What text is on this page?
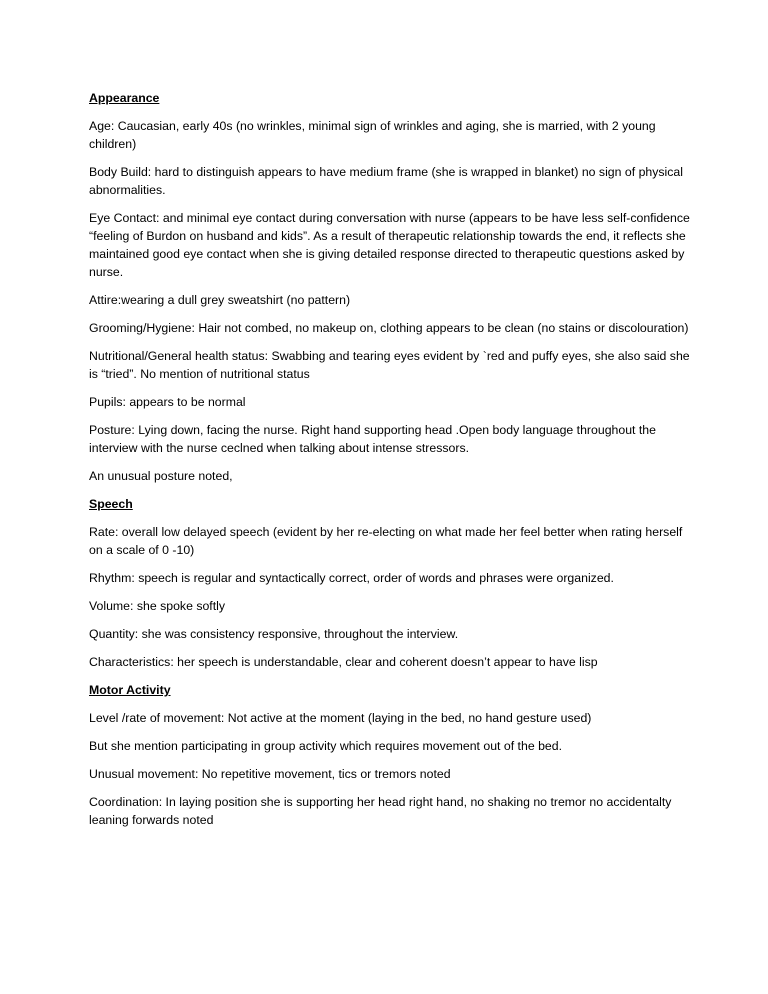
Appearance

Age: Caucasian, early 40s (no wrinkles, minimal sign of wrinkles and aging, she is married, with 2 young children)

Body Build: hard to distinguish appears to have medium frame (she is wrapped in blanket) no sign of physical abnormalities.

Eye Contact: and minimal eye contact during conversation with nurse (appears to be have less self-confidence “feeling of Burdon on husband and kids”. As a result of therapeutic relationship towards the end, it reflects she maintained good eye contact when she is giving detailed response directed to therapeutic questions asked by nurse.

Attire:wearing a dull grey sweatshirt (no pattern)

Grooming/Hygiene: Hair not combed, no makeup on, clothing appears to be clean (no stains or discolouration)

Nutritional/General health status: Swabbing and tearing eyes evident by `red and puffy eyes, she also said she is “tried”. No mention of nutritional status

Pupils: appears to be normal

Posture: Lying down, facing the nurse. Right hand supporting head .Open body language throughout the interview with the nurse ceclned when talking about intense stressors.

An unusual posture noted,

Speech

Rate: overall low delayed speech (evident by her re-electing on what made her feel better when rating herself on a scale of 0 -10)

Rhythm: speech is regular and syntactically correct, order of words and phrases were organized.

Volume: she spoke softly

Quantity: she was consistency responsive, throughout the interview.

Characteristics: her speech is understandable, clear and coherent doesn’t appear to have lisp

Motor Activity

Level /rate of movement: Not active at the moment (laying in the bed, no hand gesture used)

But she mention participating in group activity which requires movement out of the bed.

Unusual movement: No repetitive movement, tics or tremors noted

Coordination: In laying position she is supporting her head right hand, no shaking no tremor no accidentalty leaning forwards noted
